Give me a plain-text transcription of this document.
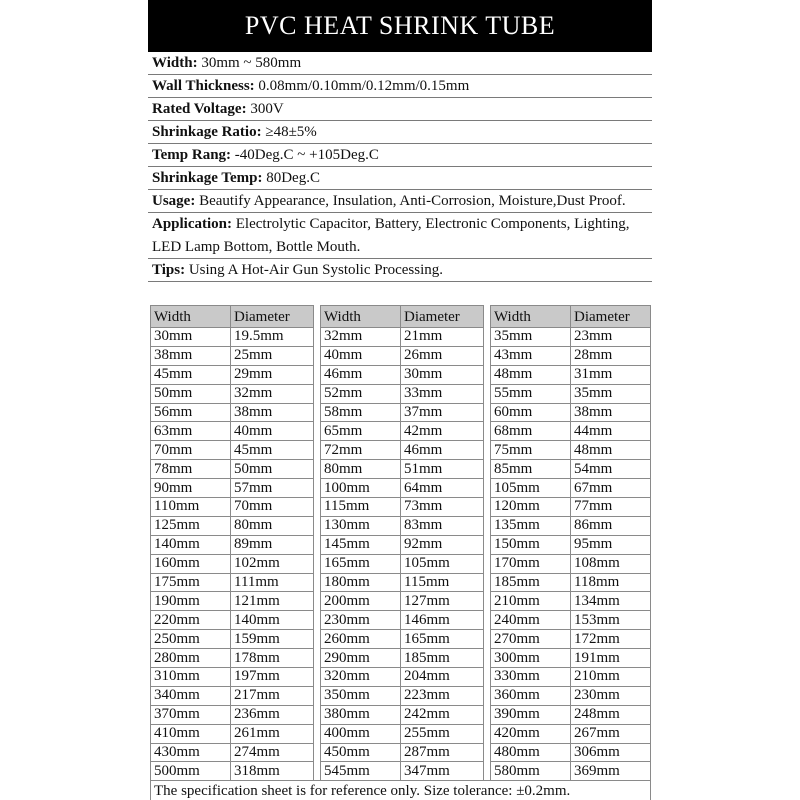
PVC HEAT SHRINK TUBE
Width: 30mm ~ 580mm
Wall Thickness: 0.08mm/0.10mm/0.12mm/0.15mm
Rated Voltage: 300V
Shrinkage Ratio: ≥48±5%
Temp Rang: -40Deg.C ~ +105Deg.C
Shrinkage Temp: 80Deg.C
Usage: Beautify Appearance, Insulation, Anti-Corrosion, Moisture,Dust Proof.
Application: Electrolytic Capacitor, Battery, Electronic Components, Lighting, LED Lamp Bottom, Bottle Mouth.
Tips: Using A Hot-Air Gun Systolic Processing.
Width	Diameter		Width	Diameter		Width	Diameter
30mm	19.5mm		32mm	21mm		35mm	23mm
38mm	25mm		40mm	26mm		43mm	28mm
45mm	29mm		46mm	30mm		48mm	31mm
50mm	32mm		52mm	33mm		55mm	35mm
56mm	38mm		58mm	37mm		60mm	38mm
63mm	40mm		65mm	42mm		68mm	44mm
70mm	45mm		72mm	46mm		75mm	48mm
78mm	50mm		80mm	51mm		85mm	54mm
90mm	57mm		100mm	64mm		105mm	67mm
110mm	70mm		115mm	73mm		120mm	77mm
125mm	80mm		130mm	83mm		135mm	86mm
140mm	89mm		145mm	92mm		150mm	95mm
160mm	102mm		165mm	105mm		170mm	108mm
175mm	111mm		180mm	115mm		185mm	118mm
190mm	121mm		200mm	127mm		210mm	134mm
220mm	140mm		230mm	146mm		240mm	153mm
250mm	159mm		260mm	165mm		270mm	172mm
280mm	178mm		290mm	185mm		300mm	191mm
310mm	197mm		320mm	204mm		330mm	210mm
340mm	217mm		350mm	223mm		360mm	230mm
370mm	236mm		380mm	242mm		390mm	248mm
410mm	261mm		400mm	255mm		420mm	267mm
430mm	274mm		450mm	287mm		480mm	306mm
500mm	318mm		545mm	347mm		580mm	369mm
The specification sheet is for reference only. Size tolerance: ±0.2mm.							
